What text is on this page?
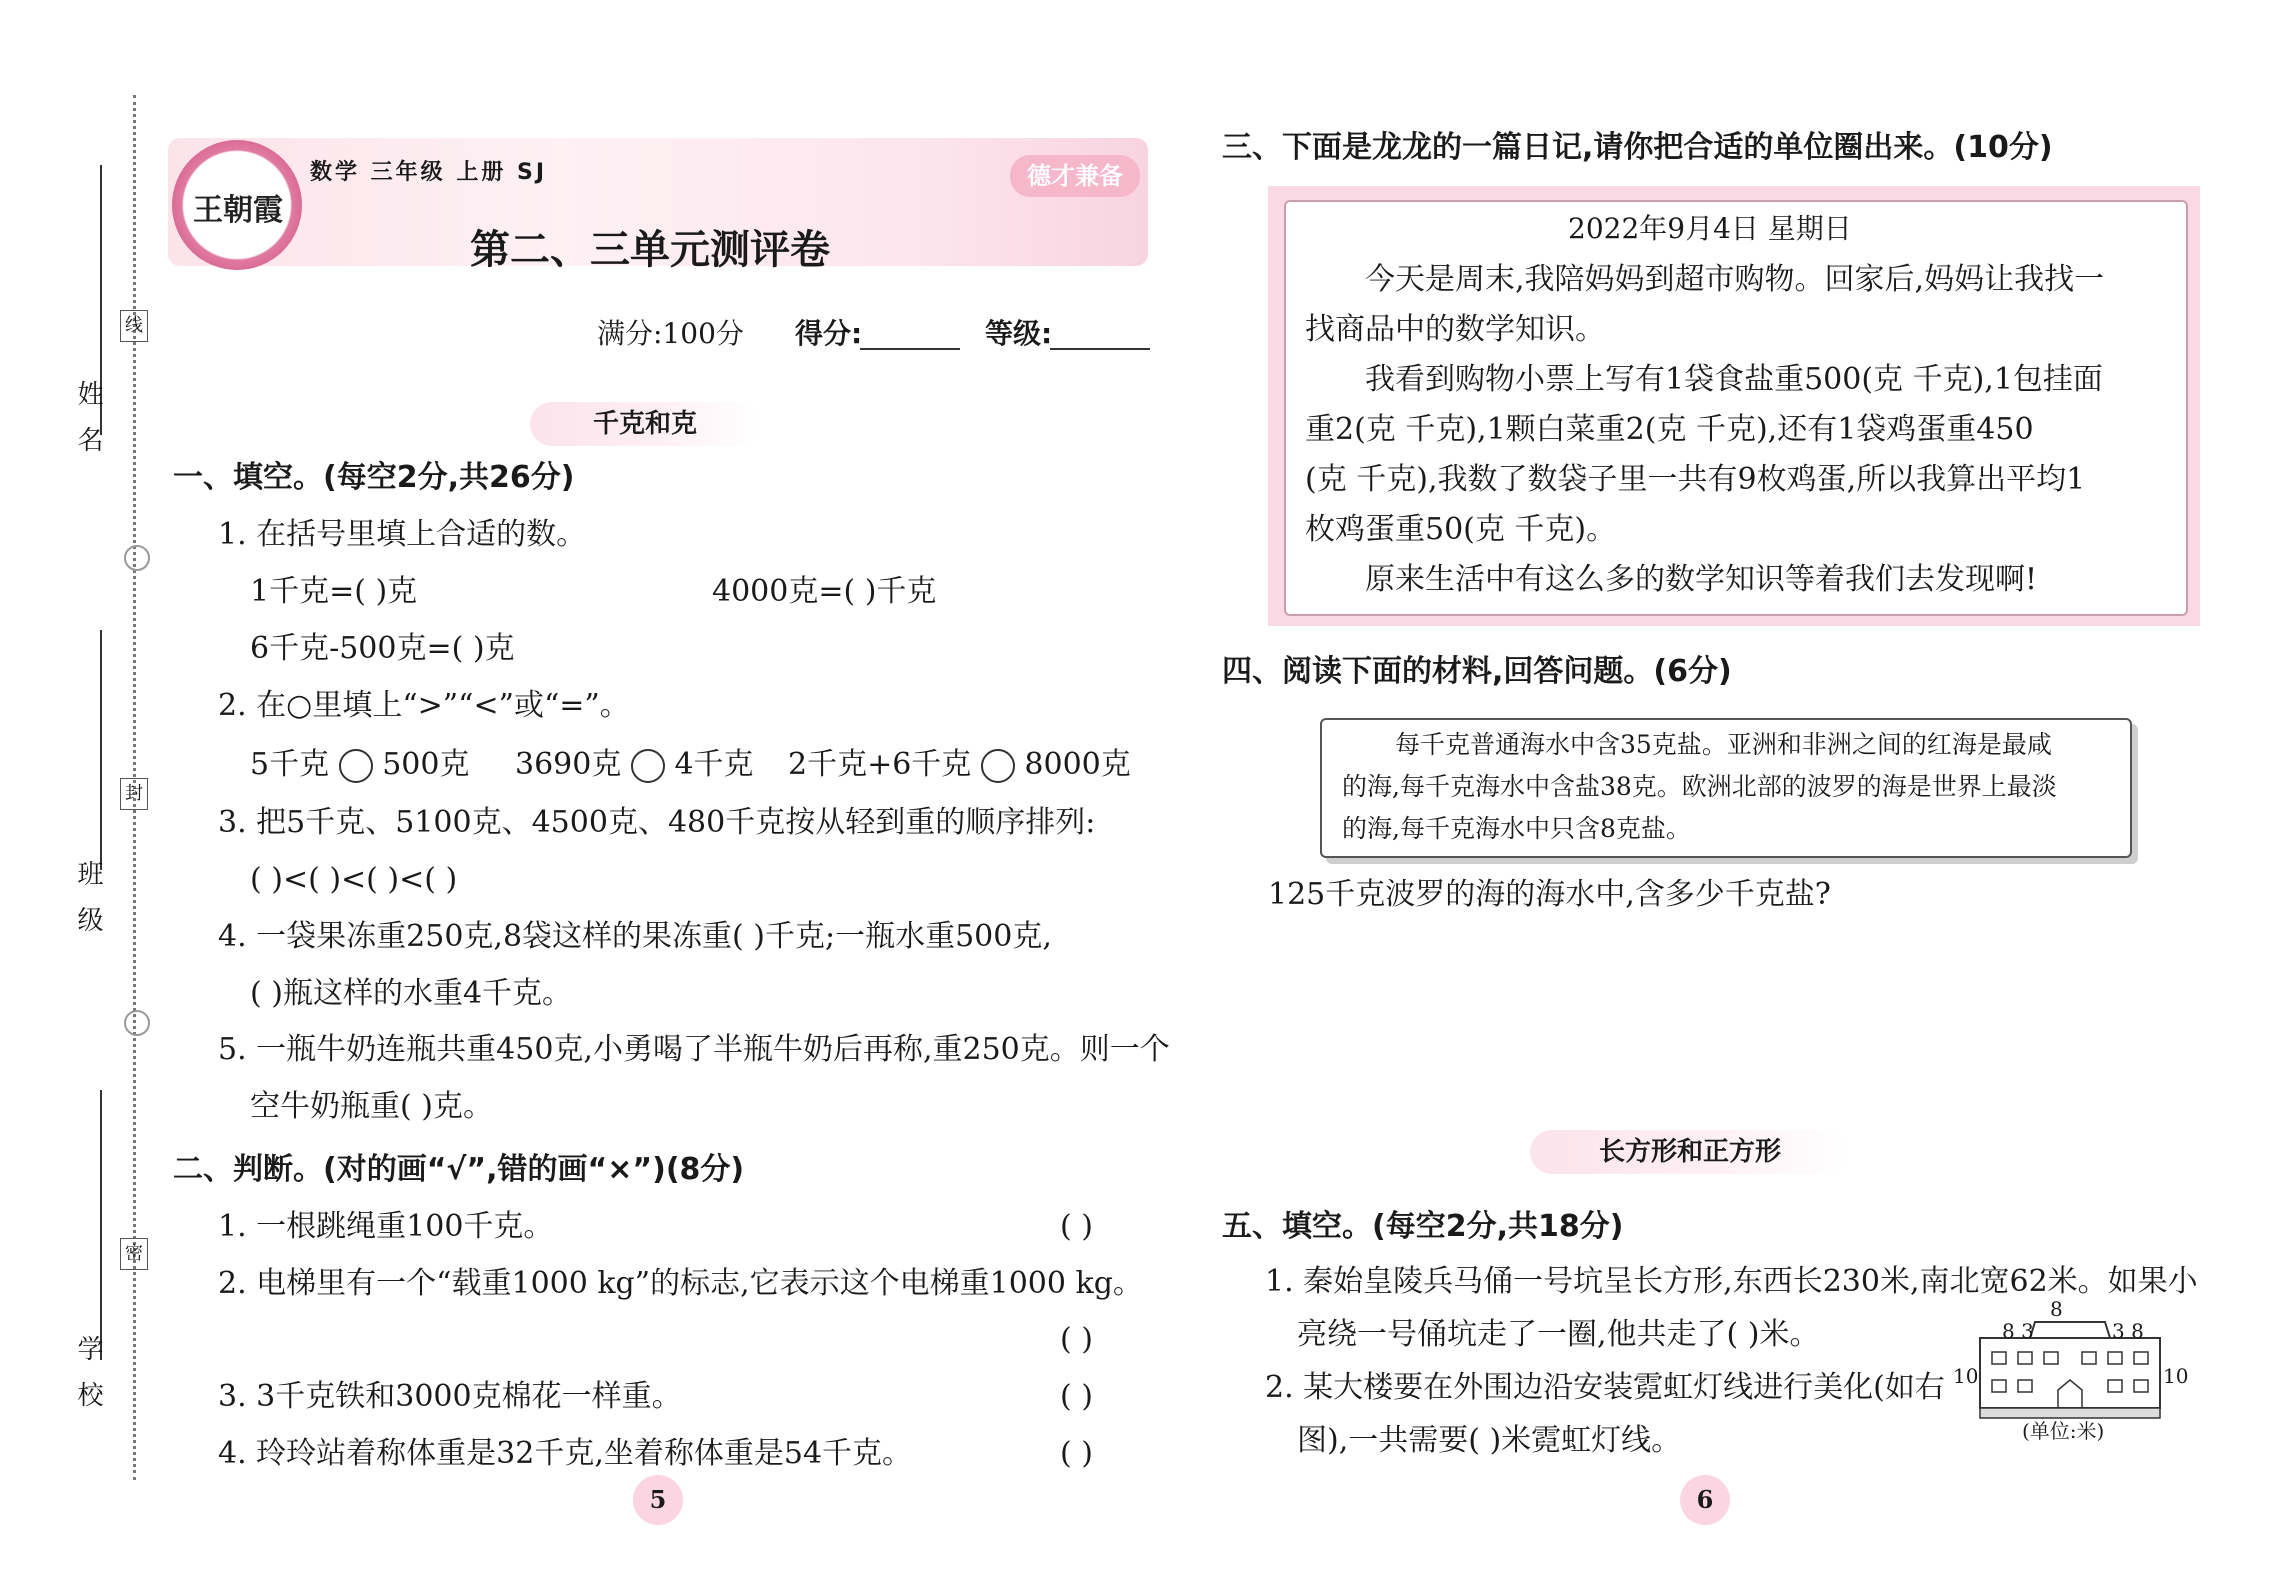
姓 名
线
班 级
封
学 校
密
王朝霞
数学 三年级 上册 SJ
第二、三单元测评卷
德才兼备
满分:100分 得分:	等级:
千克和克
一、填空。(每空2分,共26分)
1. 在括号里填上合适的数。
1千克=( )克	4000克=( )千克
6千克-500克=( )克
2. 在○里填上“>”“<”或“=”。
5千克 500克 3690克 4千克 2千克+6千克 8000克
3. 把5千克、5100克、4500克、480千克按从轻到重的顺序排列:
( )<( )<( )<( )
4. 一袋果冻重250克,8袋这样的果冻重( )千克;一瓶水重500克,
( )瓶这样的水重4千克。
5. 一瓶牛奶连瓶共重450克,小勇喝了半瓶牛奶后再称,重250克。则一个
空牛奶瓶重( )克。
二、判断。(对的画“√”,错的画“×”)(8分)
1. 一根跳绳重100千克。	( )
2. 电梯里有一个“载重1000 kg”的标志,它表示这个电梯重1000 kg。
( )
3. 3千克铁和3000克棉花一样重。	( )
4. 玲玲站着称体重是32千克,坐着称体重是54千克。	( )
5
三、下面是龙龙的一篇日记,请你把合适的单位圈出来。(10分)
2022年9月4日 星期日
今天是周末,我陪妈妈到超市购物。回家后,妈妈让我找一
找商品中的数学知识。
我看到购物小票上写有1袋食盐重500(克 千克),1包挂面
重2(克 千克),1颗白菜重2(克 千克),还有1袋鸡蛋重450
(克 千克),我数了数袋子里一共有9枚鸡蛋,所以我算出平均1
枚鸡蛋重50(克 千克)。
原来生活中有这么多的数学知识等着我们去发现啊!
四、阅读下面的材料,回答问题。(6分)
每千克普通海水中含35克盐。亚洲和非洲之间的红海是最咸
的海,每千克海水中含盐38克。欧洲北部的波罗的海是世界上最淡
的海,每千克海水中只含8克盐。
125千克波罗的海的海水中,含多少千克盐?
长方形和正方形
五、填空。(每空2分,共18分)
1. 秦始皇陵兵马俑一号坑呈长方形,东西长230米,南北宽62米。如果小
亮绕一号俑坑走了一圈,他共走了( )米。
2. 某大楼要在外围边沿安装霓虹灯线进行美化(如右
图),一共需要( )米霓虹灯线。
8
8 3	3 8
10	10
(单位:米)
6
